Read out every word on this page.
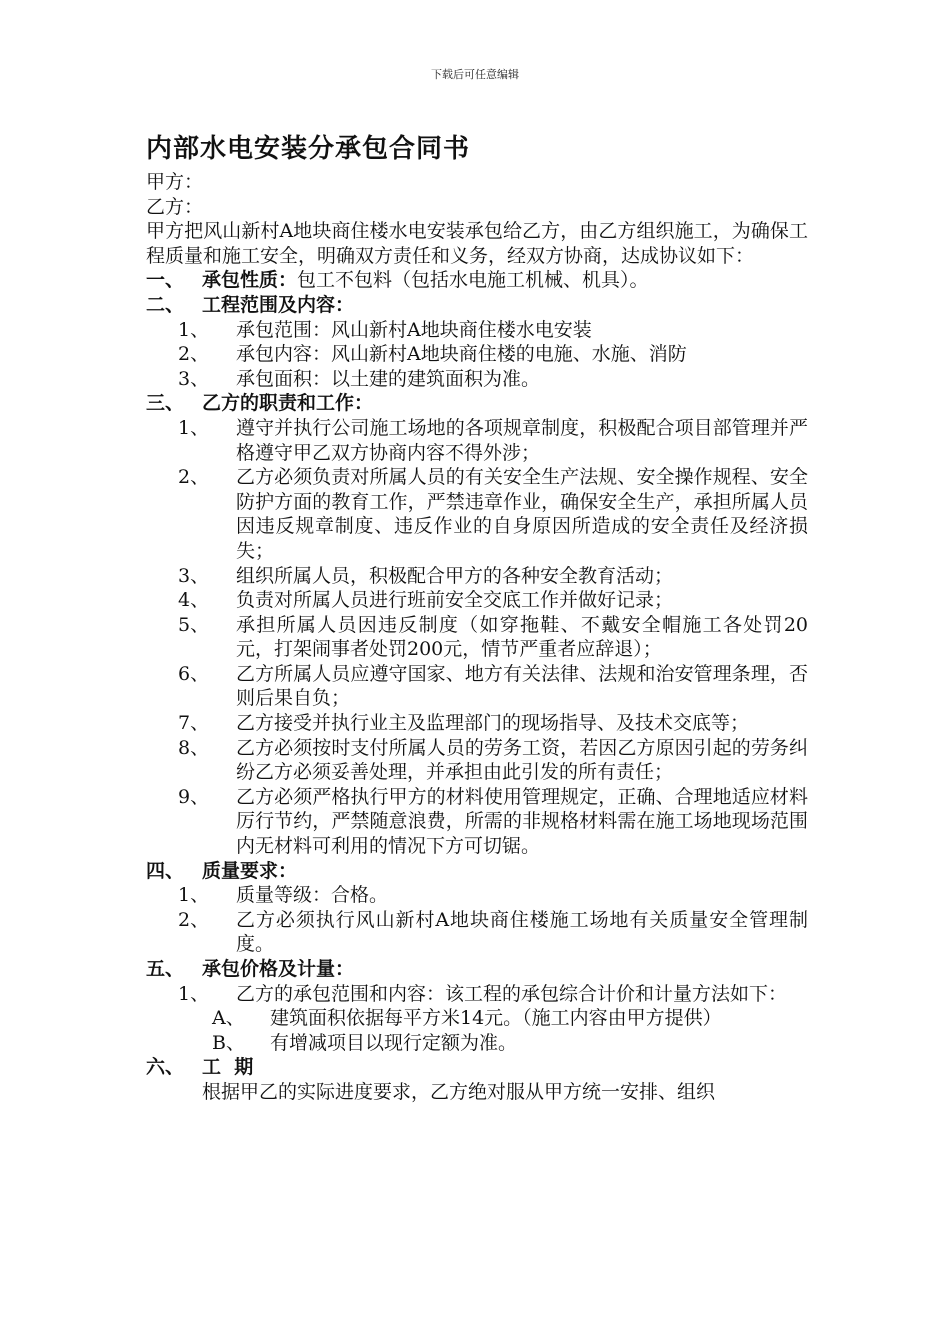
下载后可任意编辑
内部水电安装分承包合同书

甲方：

乙方：

甲方把风山新村A地块商住楼水电安装承包给乙方，由乙方组织施工，为确保工程质量和施工安全，明确双方责任和义务，经双方协商，达成协议如下：

一、 承包性质：包工不包料（包括水电施工机械、机具）。
二、 工程范围及内容：
1、	承包范围：风山新村A地块商住楼水电安装
2、	承包内容：风山新村A地块商住楼的电施、水施、消防
3、	承包面积：以土建的建筑面积为准。
三、 乙方的职责和工作：
1、	遵守并执行公司施工场地的各项规章制度，积极配合项目部管理并严格遵守甲乙双方协商内容不得外涉；
2、	乙方必须负责对所属人员的有关安全生产法规、安全操作规程、安全防护方面的教育工作，严禁违章作业，确保安全生产，承担所属人员因违反规章制度、违反作业的自身原因所造成的安全责任及经济损失；
3、	组织所属人员，积极配合甲方的各种安全教育活动；
4、	负责对所属人员进行班前安全交底工作并做好记录；
5、	承担所属人员因违反制度（如穿拖鞋、不戴安全帽施工各处罚20元，打架闹事者处罚200元，情节严重者应辞退）；
6、	乙方所属人员应遵守国家、地方有关法律、法规和治安管理条理，否则后果自负；
7、	乙方接受并执行业主及监理部门的现场指导、及技术交底等；
8、	乙方必须按时支付所属人员的劳务工资，若因乙方原因引起的劳务纠纷乙方必须妥善处理，并承担由此引发的所有责任；
9、	乙方必须严格执行甲方的材料使用管理规定，正确、合理地适应材料厉行节约，严禁随意浪费，所需的非规格材料需在施工场地现场范围内无材料可利用的情况下方可切锯。
四、 质量要求：
1、	质量等级：合格。
2、	乙方必须执行风山新村A地块商住楼施工场地有关质量安全管理制度。
五、 承包价格及计量：
1、	乙方的承包范围和内容：该工程的承包综合计价和计量方法如下：
A、	建筑面积依据每平方米14元。（施工内容由甲方提供）
B、	有增减项目以现行定额为准。
六、 工  期
根据甲乙的实际进度要求，乙方绝对服从甲方统一安排、组织
